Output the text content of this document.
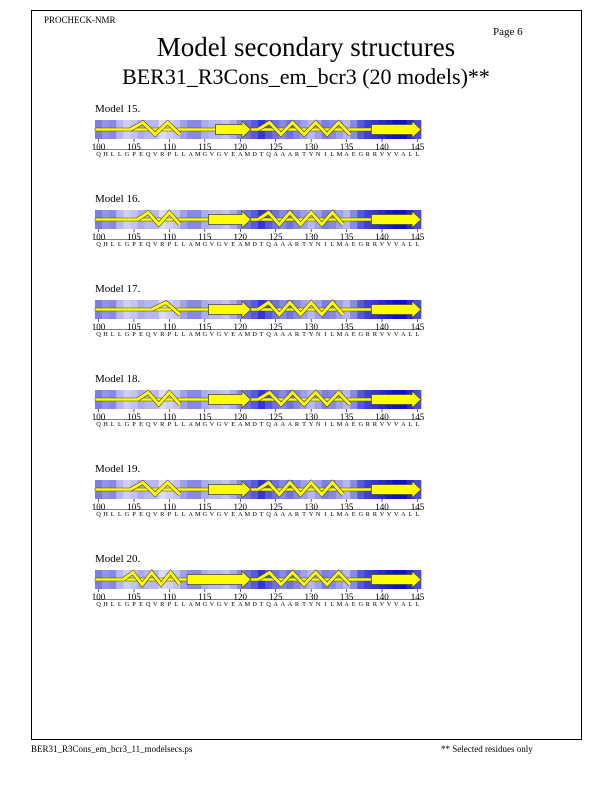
PROCHECK-NMR
Page 6
Model secondary structures
BER31_R3Cons_em_bcr3 (20 models)**
Model 15.
Model 16.
Model 17.
Model 18.
Model 19.
Model 20.
100 105 110 115 120 125 130 135 140 145
Q H L L G P E Q V R P L L A M G V G V E A M D T Q A A A R T Y N I L M A E G R R V V V A L L
100 105 110 115 120 125 130 135 140 145
Q H L L G P E Q V R P L L A M G V G V E A M D T Q A A A R T Y N I L M A E G R R V V V A L L
100 105 110 115 120 125 130 135 140 145
Q H L L G P E Q V R P L L A M G V G V E A M D T Q A A A R T Y N I L M A E G R R V V V A L L
100 105 110 115 120 125 130 135 140 145
Q H L L G P E Q V R P L L A M G V G V E A M D T Q A A A R T Y N I L M A E G R R V V V A L L
100 105 110 115 120 125 130 135 140 145
Q H L L G P E Q V R P L L A M G V G V E A M D T Q A A A R T Y N I L M A E G R R V V V A L L
100 105 110 115 120 125 130 135 140 145
Q H L L G P E Q V R P L L A M G V G V E A M D T Q A A A R T Y N I L M A E G R R V V V A L L
BER31_R3Cons_em_bcr3_11_modelsecs.ps	** Selected residues only
